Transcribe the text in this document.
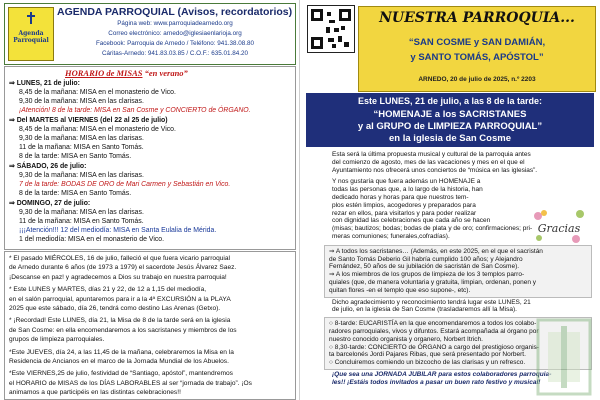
Agenda
Parroquial
AGENDA PARROQUIAL (Avisos, recordatorios)
Página web: www.parroquiadearnedo.org
Correo electrónico: arnedo@iglesiaenlarioja.org
Facebook: Parroquia de Arnedo / Teléfono: 941.38.08.80
Cáritas-Arnedo: 941.83.03.85 / C.O.F.: 635.01.84.20
HORARIO de MISAS “en verano”
⇒ LUNES, 21 de julio:
8,45 de la mañana: MISA en el monasterio de Vico.
9,30 de la mañana: MISA en las clarisas.
¡Atención! 8 de la tarde: MISA en San Cosme y CONCIERTO de ÓRGANO.
⇒ Del MARTES al VIERNES (del 22 al 25 de julio)
8,45 de la mañana: MISA en el monasterio de Vico.
9,30 de la mañana: MISA en las clarisas.
11 de la mañana: MISA en Santo Tomás.
8 de la tarde: MISA en Santo Tomás.
⇒ SÁBADO, 26 de julio:
9,30 de la mañana: MISA en las clarisas.
7 de la tarde: BODAS DE ORO de Mari Carmen y Sebastián en Vico.
8 de la tarde: MISA en Santo Tomás.
⇒ DOMINGO, 27 de julio:
9,30 de la mañana: MISA en las clarisas.
11 de la mañana: MISA en Santo Tomás.
¡¡¡Atención!!! 12 del mediodía: MISA en Santa Eulalia de Mérida.
1 del mediodía: MISA en el monasterio de Vico.
* El pasado MIÉRCOLES, 16 de julio, falleció el que fuera vicario parroquial
de Arnedo durante 6 años (de 1973 a 1979) el sacerdote Jesús Álvarez Saez.
¡Descanse en paz! y agradecemos a Dios su trabajo en nuestra parroquia!
* Este LUNES y MARTES, días 21 y 22, de 12 a 1,15 del mediodía,
en el salón parroquial, apuntaremos para ir a la 4ª EXCURSIÓN a la PLAYA
2025 que este sábado, día 26, tendrá como destino Las Arenas (Getxo).
* ¡Recordad! Este LUNES, día 21, la Misa de 8 de la tarde será en la iglesia
de San Cosme: en ella encomendaremos a los sacristanes y miembros de los
grupos de limpieza parroquiales.
*Este JUEVES, día 24, a las 11,45 de la mañana, celebraremos la Misa en la
Residencia de Ancianos en el marco de la Jornada Mundial de los Abuelos.
*Este VIERNES,25 de julio, festividad de “Santiago, apóstol”, mantendremos
el HORARIO de MISAS de los DÍAS LABORABLES al ser “jornada de trabajo”. ¡Os
animamos a que participéis en las distintas celebraciones!!
NUESTRA PARROQUIA...
“SAN COSME y SAN DAMIÁN,
y SANTO TOMÁS, APÓSTOL”
ARNEDO, 20 de julio de 2025, n.º 2203
Este LUNES, 21 de julio, a las 8 de la tarde:
“HOMENAJE a los SACRISTANES
y al GRUPO de LIMPIEZA PARROQUIAL”
en la iglesia de San Cosme
Esta será la última propuesta musical y cultural de la parroquia antes
del comienzo de agosto, mes de las vacaciones y mes en el que el
Ayuntamiento nos ofrecerá unos conciertos de “música en las iglesias”.
Y nos gustaría que fuera además un HOMENAJE a
todas las personas que, a lo largo de la historia, han
dedicado horas y horas para que nuestros tem-
plos estén limpios, acogedores y preparados para
rezar en ellos, para visitarlos y para poder realizar
con dignidad las celebraciones que cada año se hacen
(misas; bautizos; bodas; bodas de plata y de oro; confirmaciones; pri-
meras comuniones; funerales,cofradías).
⇒ A todos los sacristanes… (Además, en este 2025, en el que el sacristán
de Santo Tomás Deberio Gil habría cumplido 100 años; y Alejandro
Fernández, 50 años de su jubilación de sacristán de San Cosme).
⇒ A los miembros de los grupos de limpieza de los 3 templos parro-
quiales (que, de manera voluntaria y gratuita, limpian, ordenan, ponen y
quitan flores -en el templo que eso supone-, etc).
Dicho agradecimiento y reconocimiento tendrá lugar este LUNES, 21
de julio, en la iglesia de San Cosme (trasladaremos allí la Misa).
○ 8-tarde: EUCARISTÍA en la que encomendaremos a todos los colabo-
radores parroquiales, vivos y difuntos. Estará acompañada al órgano por
nuestro conocido organista y organero, Norbert Itrich.
○ 8,30-tarde: CONCIERTO de ÓRGANO a cargo del prestigioso organis-
ta barcelonés Jordi Pajares Ribas, que será presentado por Norbert.
○ Concluiremos comiendo un bizcocho de las clarisas y un refresco.
¡Que sea una JORNADA JUBILAR para estos colaboradores parroquia-
les!! ¡Estáis todos invitados a pasar un buen rato festivo y musical!
Gracias
